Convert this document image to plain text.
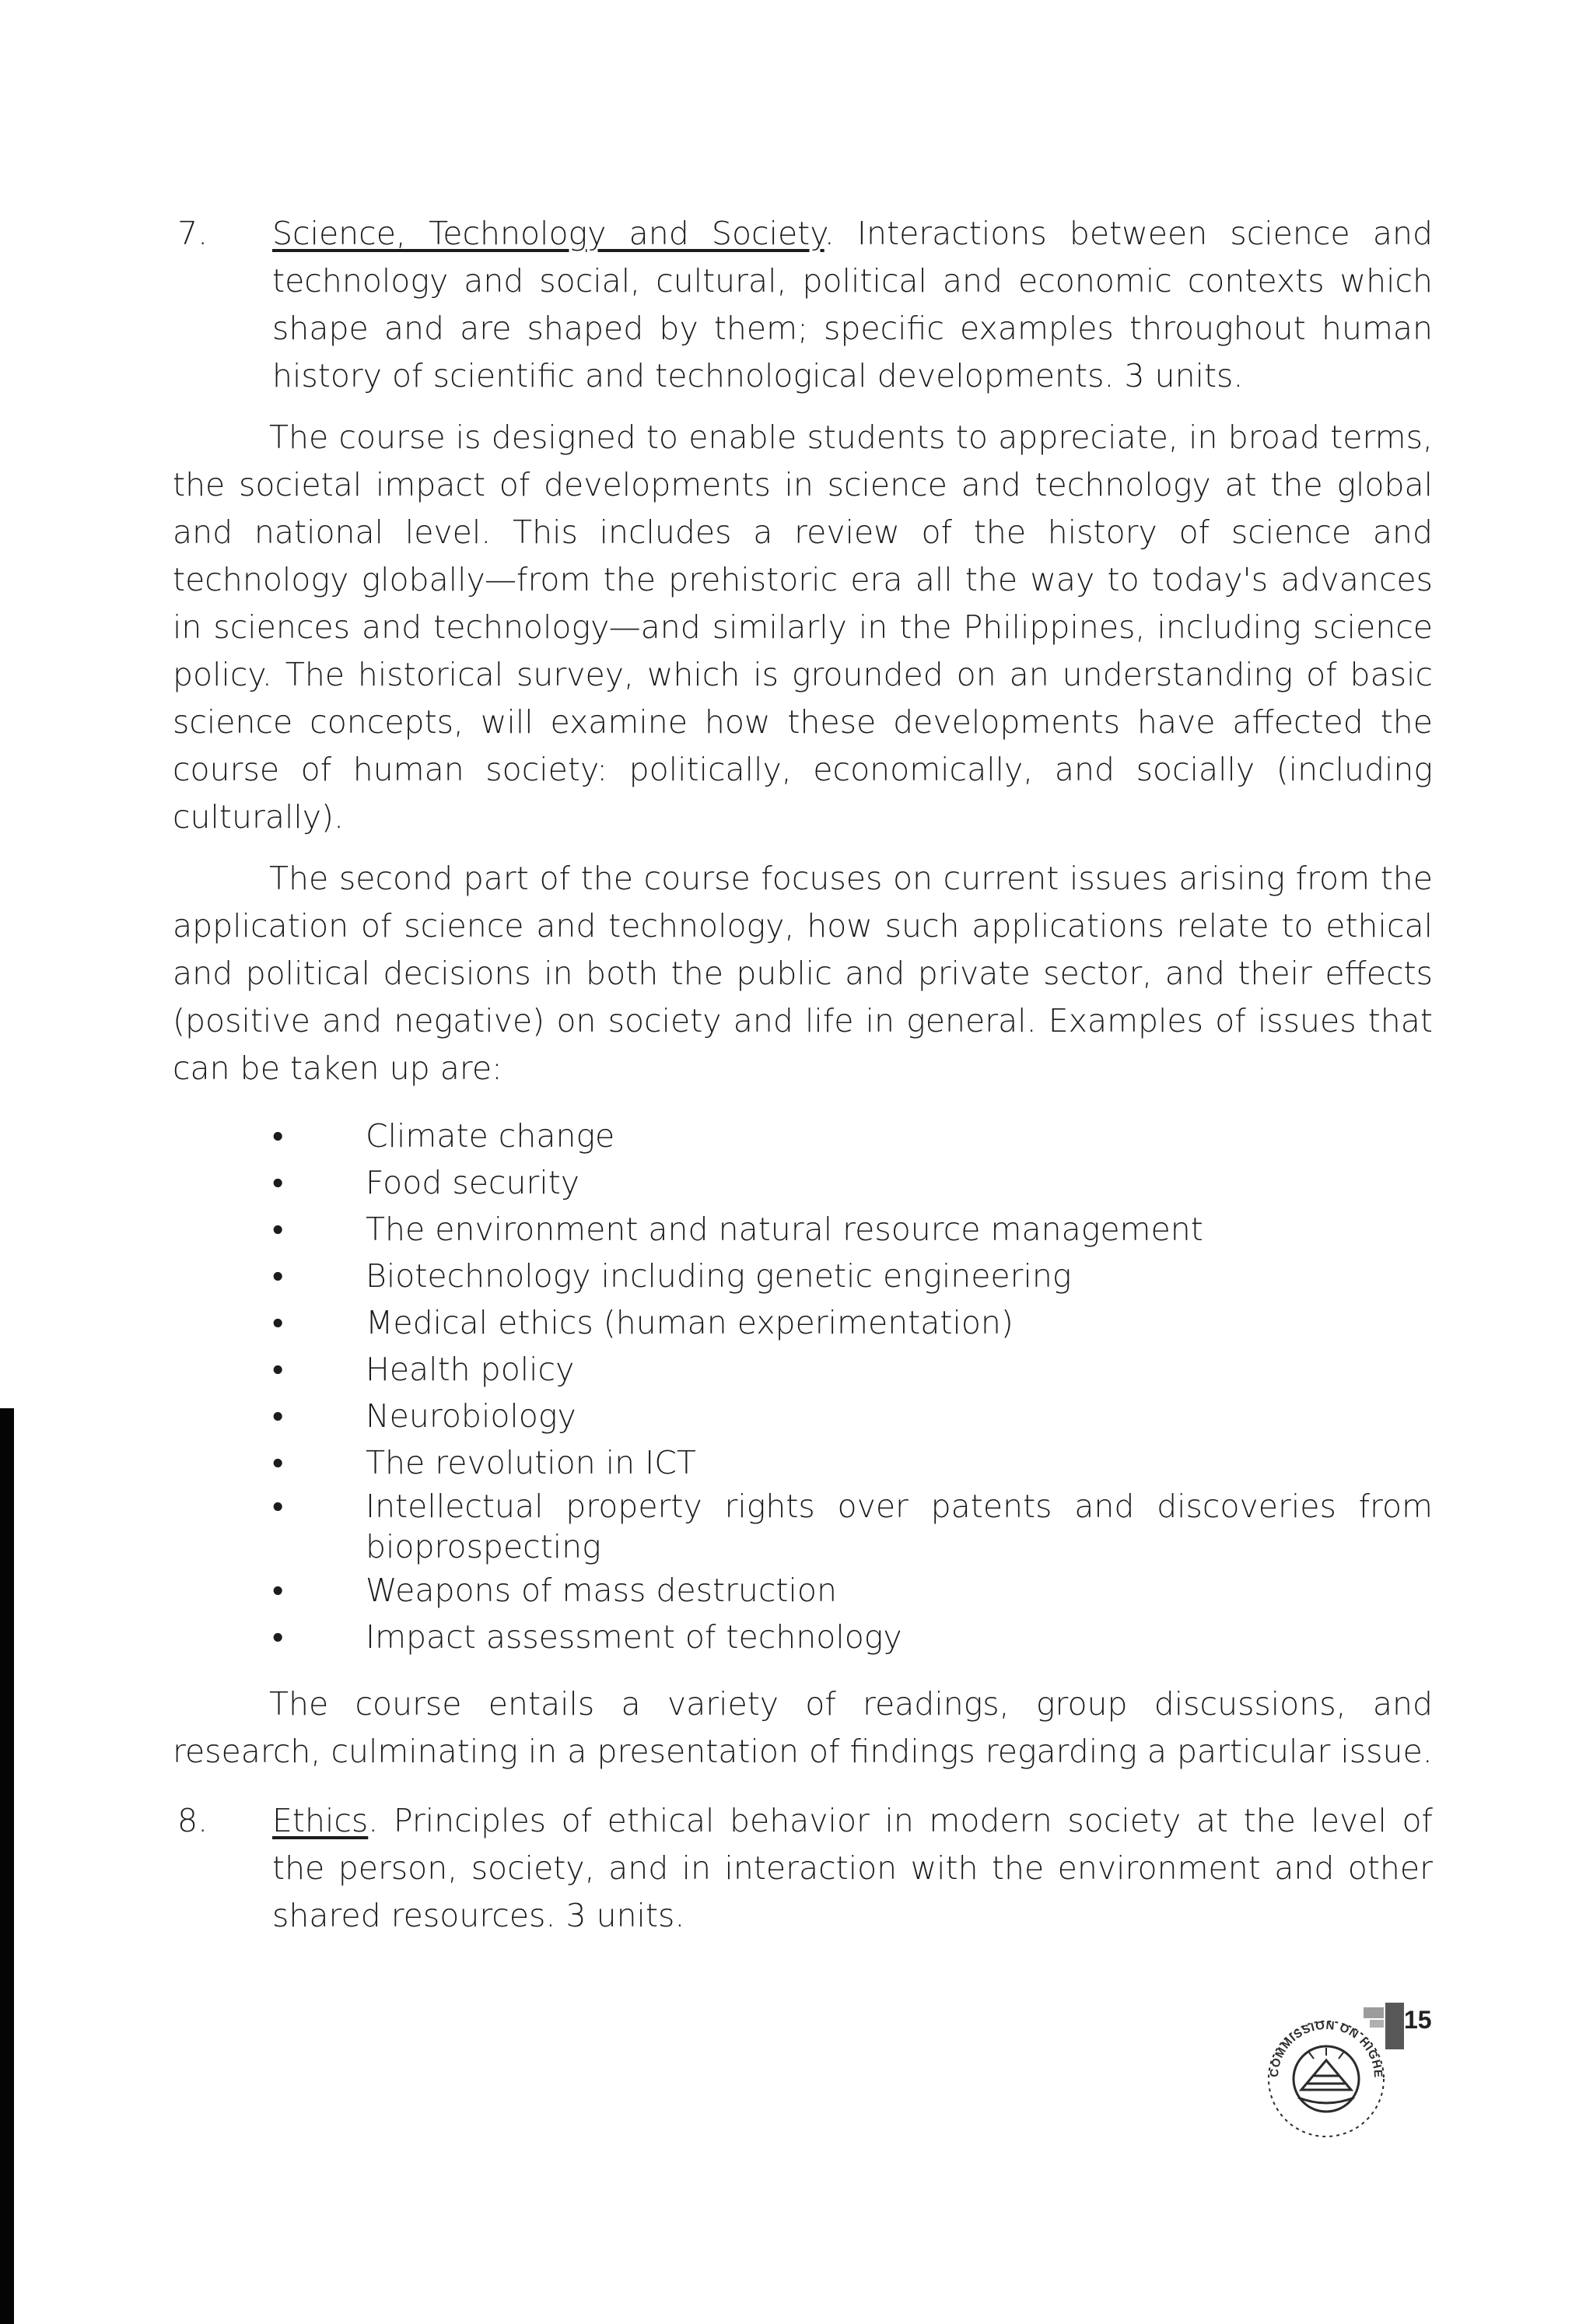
7.	Science, Technology and Society. Interactions between science and technology and social, cultural, political and economic contexts which shape and are shaped by them; specific examples throughout human history of scientific and technological developments. 3 units.

The course is designed to enable students to appreciate, in broad terms, the societal impact of developments in science and technology at the global and national level. This includes a review of the history of science and technology globally—from the prehistoric era all the way to today's advances in sciences and technology—and similarly in the Philippines, including science policy. The historical survey, which is grounded on an understanding of basic science concepts, will examine how these developments have affected the course of human society: politically, economically, and socially (including culturally).

The second part of the course focuses on current issues arising from the application of science and technology, how such applications relate to ethical and political decisions in both the public and private sector, and their effects (positive and negative) on society and life in general. Examples of issues that can be taken up are:

• Climate change
• Food security
• The environment and natural resource management
• Biotechnology including genetic engineering
• Medical ethics (human experimentation)
• Health policy
• Neurobiology
• The revolution in ICT
• Intellectual property rights over patents and discoveries from bioprospecting
• Weapons of mass destruction
• Impact assessment of technology

The course entails a variety of readings, group discussions, and research, culminating in a presentation of findings regarding a particular issue.

8.	Ethics. Principles of ethical behavior in modern society at the level of the person, society, and in interaction with the environment and other shared resources. 3 units.
COMMISSION ON HIGHE
15
